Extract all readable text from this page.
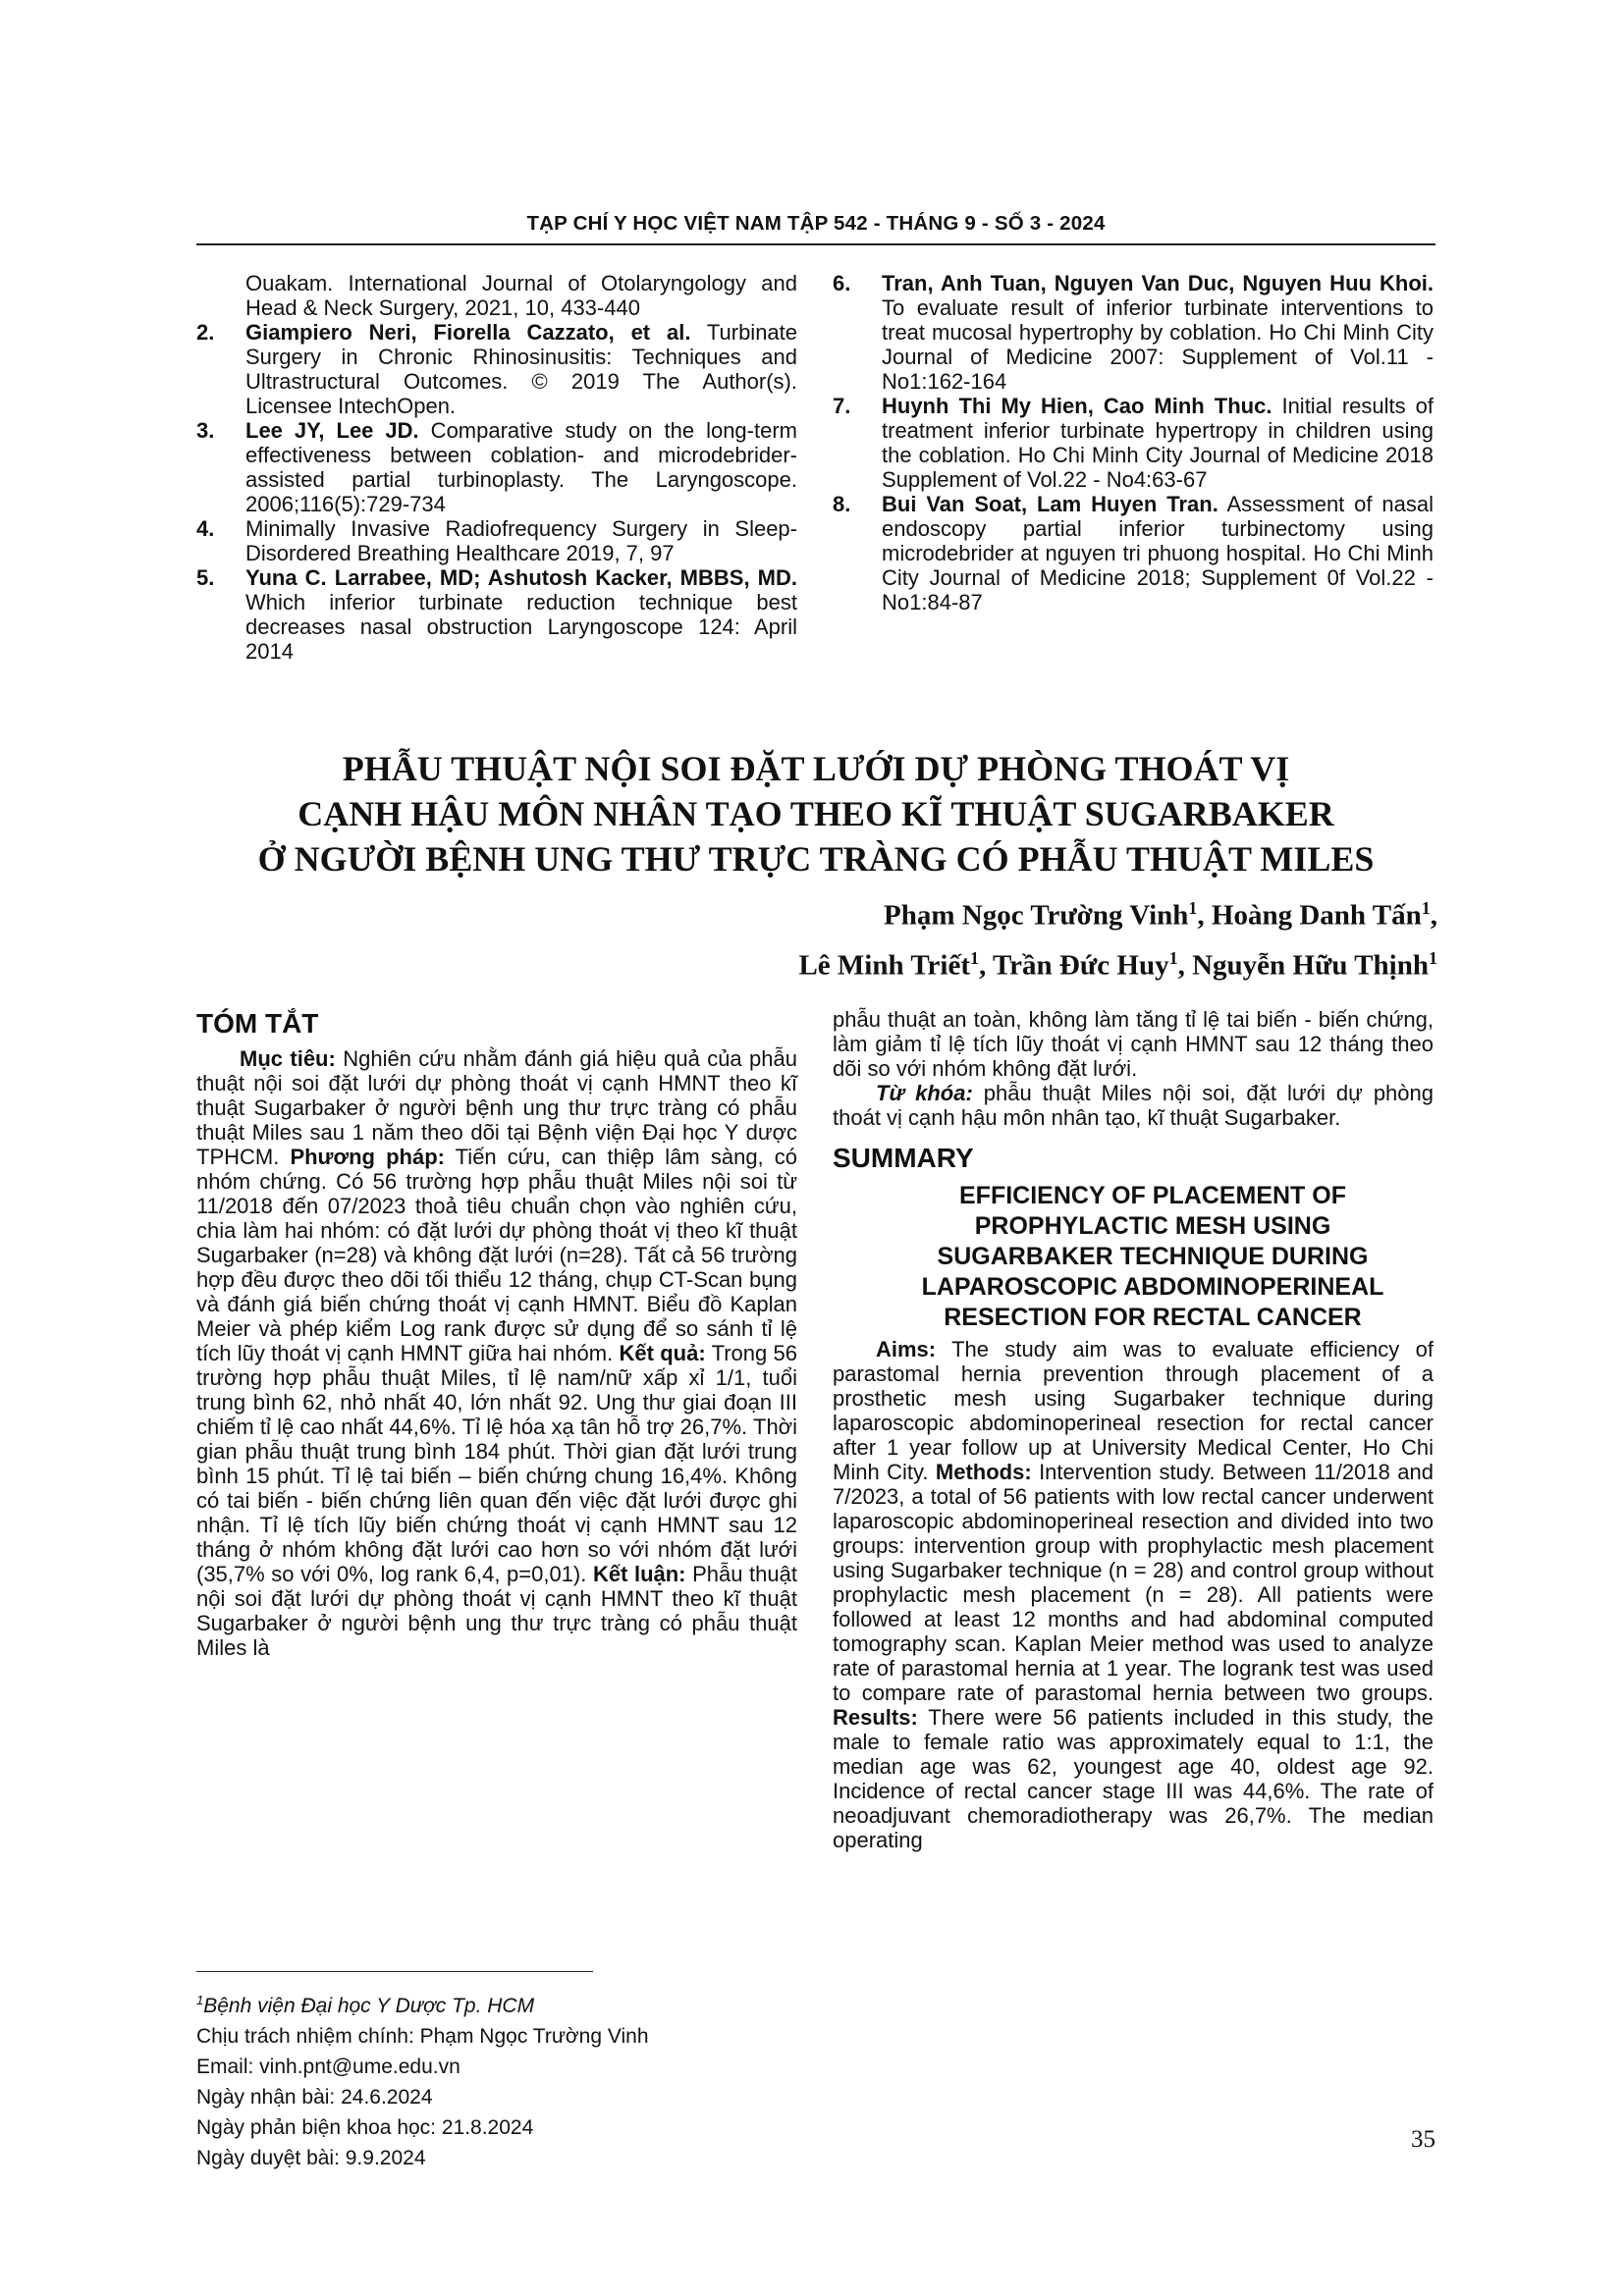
TẠP CHÍ Y HỌC VIỆT NAM TẬP 542 - THÁNG 9 - SỐ 3 - 2024
Ouakam. International Journal of Otolaryngology and Head & Neck Surgery, 2021, 10, 433-440
2. Giampiero Neri, Fiorella Cazzato, et al. Turbinate Surgery in Chronic Rhinosinusitis: Techniques and Ultrastructural Outcomes. © 2019 The Author(s). Licensee IntechOpen.
3. Lee JY, Lee JD. Comparative study on the long-term effectiveness between coblation- and microdebrider- assisted partial turbinoplasty. The Laryngoscope. 2006;116(5):729-734
4. Minimally Invasive Radiofrequency Surgery in Sleep-Disordered Breathing Healthcare 2019, 7, 97
5. Yuna C. Larrabee, MD; Ashutosh Kacker, MBBS, MD. Which inferior turbinate reduction technique best decreases nasal obstruction Laryngoscope 124: April 2014
6. Tran, Anh Tuan, Nguyen Van Duc, Nguyen Huu Khoi. To evaluate result of inferior turbinate interventions to treat mucosal hypertrophy by coblation. Ho Chi Minh City Journal of Medicine 2007: Supplement of Vol.11 - No1:162-164
7. Huynh Thi My Hien, Cao Minh Thuc. Initial results of treatment inferior turbinate hypertropy in children using the coblation. Ho Chi Minh City Journal of Medicine 2018 Supplement of Vol.22 - No4:63-67
8. Bui Van Soat, Lam Huyen Tran. Assessment of nasal endoscopy partial inferior turbinectomy using microdebrider at nguyen tri phuong hospital. Ho Chi Minh City Journal of Medicine 2018; Supplement 0f Vol.22 - No1:84-87
PHẪU THUẬT NỘI SOI ĐẶT LƯỚI DỰ PHÒNG THOÁT VỊ
CẠNH HẬU MÔN NHÂN TẠO THEO KĨ THUẬT SUGARBAKER
Ở NGƯỜI BỆNH UNG THƯ TRỰC TRÀNG CÓ PHẪU THUẬT MILES
Phạm Ngọc Trường Vinh$^1$, Hoàng Danh Tấn$^1$,
Lê Minh Triết$^1$, Trần Đức Huy$^1$, Nguyễn Hữu Thịnh$^1$
TÓM TẮT

Mục tiêu: Nghiên cứu nhằm đánh giá hiệu quả của phẫu thuật nội soi đặt lưới dự phòng thoát vị cạnh HMNT theo kĩ thuật Sugarbaker ở người bệnh ung thư trực tràng có phẫu thuật Miles sau 1 năm theo dõi tại Bệnh viện Đại học Y dược TPHCM. Phương pháp: Tiến cứu, can thiệp lâm sàng, có nhóm chứng. Có 56 trường hợp phẫu thuật Miles nội soi từ 11/2018 đến 07/2023 thoả tiêu chuẩn chọn vào nghiên cứu, chia làm hai nhóm: có đặt lưới dự phòng thoát vị theo kĩ thuật Sugarbaker (n=28) và không đặt lưới (n=28). Tất cả 56 trường hợp đều được theo dõi tối thiểu 12 tháng, chụp CT-Scan bụng và đánh giá biến chứng thoát vị cạnh HMNT. Biểu đồ Kaplan Meier và phép kiểm Log rank được sử dụng để so sánh tỉ lệ tích lũy thoát vị cạnh HMNT giữa hai nhóm. Kết quả: Trong 56 trường hợp phẫu thuật Miles, tỉ lệ nam/nữ xấp xỉ 1/1, tuổi trung bình 62, nhỏ nhất 40, lớn nhất 92. Ung thư giai đoạn III chiếm tỉ lệ cao nhất 44,6%. Tỉ lệ hóa xạ tân hỗ trợ 26,7%. Thời gian phẫu thuật trung bình 184 phút. Thời gian đặt lưới trung bình 15 phút. Tỉ lệ tai biến – biến chứng chung 16,4%. Không có tai biến - biến chứng liên quan đến việc đặt lưới được ghi nhận. Tỉ lệ tích lũy biến chứng thoát vị cạnh HMNT sau 12 tháng ở nhóm không đặt lưới cao hơn so với nhóm đặt lưới (35,7% so với 0%, log rank 6,4, p=0,01). Kết luận: Phẫu thuật nội soi đặt lưới dự phòng thoát vị cạnh HMNT theo kĩ thuật Sugarbaker ở người bệnh ung thư trực tràng có phẫu thuật Miles là

phẫu thuật an toàn, không làm tăng tỉ lệ tai biến - biến chứng, làm giảm tỉ lệ tích lũy thoát vị cạnh HMNT sau 12 tháng theo dõi so với nhóm không đặt lưới.

Từ khóa: phẫu thuật Miles nội soi, đặt lưới dự phòng thoát vị cạnh hậu môn nhân tạo, kĩ thuật Sugarbaker.

SUMMARY
EFFICIENCY OF PLACEMENT OF
PROPHYLACTIC MESH USING
SUGARBAKER TECHNIQUE DURING
LAPAROSCOPIC ABDOMINOPERINEAL
RESECTION FOR RECTAL CANCER

Aims: The study aim was to evaluate efficiency of parastomal hernia prevention through placement of a prosthetic mesh using Sugarbaker technique during laparoscopic abdominoperineal resection for rectal cancer after 1 year follow up at University Medical Center, Ho Chi Minh City. Methods: Intervention study. Between 11/2018 and 7/2023, a total of 56 patients with low rectal cancer underwent laparoscopic abdominoperineal resection and divided into two groups: intervention group with prophylactic mesh placement using Sugarbaker technique (n = 28) and control group without prophylactic mesh placement (n = 28). All patients were followed at least 12 months and had abdominal computed tomography scan. Kaplan Meier method was used to analyze rate of parastomal hernia at 1 year. The logrank test was used to compare rate of parastomal hernia between two groups. Results: There were 56 patients included in this study, the male to female ratio was approximately equal to 1:1, the median age was 62, youngest age 40, oldest age 92. Incidence of rectal cancer stage III was 44,6%. The rate of neoadjuvant chemoradiotherapy was 26,7%. The median operating

$^1$Bệnh viện Đại học Y Dược Tp. HCM
Chịu trách nhiệm chính: Phạm Ngọc Trường Vinh
Email: vinh.pnt@ume.edu.vn
Ngày nhận bài: 24.6.2024
Ngày phản biện khoa học: 21.8.2024
Ngày duyệt bài: 9.9.2024
35
